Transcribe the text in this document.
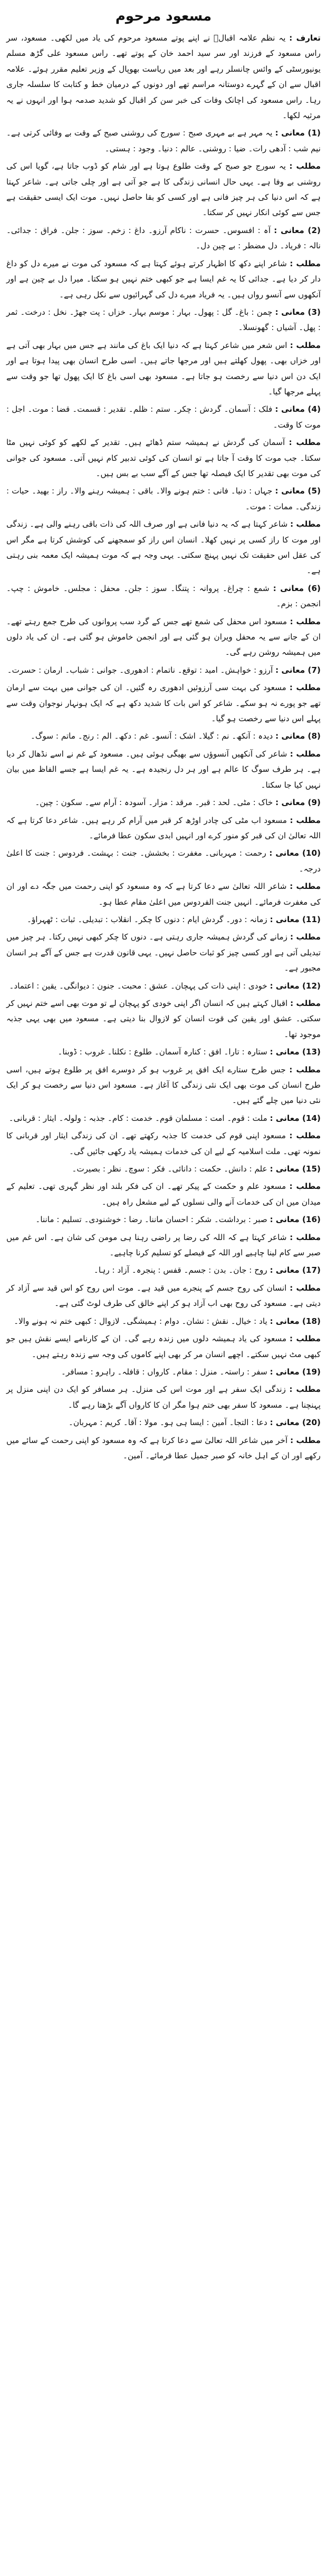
مسعود مرحوم
تعارف : یہ نظم علامہ اقبالؒ نے اپنے پوتے مسعود مرحوم کی یاد میں لکھی۔ مسعود، سر راس مسعود کے فرزند اور سر سید احمد خان کے پوتے تھے۔ راس مسعود علی گڑھ مسلم یونیورسٹی کے وائس چانسلر رہے اور بعد میں ریاست بھوپال کے وزیر تعلیم مقرر ہوئے۔ علامہ اقبال سے ان کے گہرے دوستانہ مراسم تھے اور دونوں کے درمیان خط و کتابت کا سلسلہ جاری رہا۔ راس مسعود کی اچانک وفات کی خبر سن کر اقبال کو شدید صدمہ ہوا اور انہوں نے یہ مرثیہ لکھا۔
(1) معانی : یہ مہر ہے بے مہری صبح : سورج کی روشنی صبح کے وقت بے وفائی کرتی ہے۔ نیم شب : آدھی رات۔ ضیا : روشنی۔ عالم : دنیا۔ وجود : ہستی۔
مطلب : یہ سورج جو صبح کے وقت طلوع ہوتا ہے اور شام کو ڈوب جاتا ہے، گویا اس کی روشنی بے وفا ہے۔ یہی حال انسانی زندگی کا ہے جو آتی ہے اور چلی جاتی ہے۔ شاعر کہتا ہے کہ اس دنیا کی ہر چیز فانی ہے اور کسی کو بقا حاصل نہیں۔ موت ایک ایسی حقیقت ہے جس سے کوئی انکار نہیں کر سکتا۔
(2) معانی : آہ : افسوس۔ حسرت : ناکام آرزو۔ داغ : زخم۔ سوز : جلن۔ فراق : جدائی۔ نالہ : فریاد۔ دل مضطر : بے چین دل۔
مطلب : شاعر اپنے دکھ کا اظہار کرتے ہوئے کہتا ہے کہ مسعود کی موت نے میرے دل کو داغ دار کر دیا ہے۔ جدائی کا یہ غم ایسا ہے جو کبھی ختم نہیں ہو سکتا۔ میرا دل بے چین ہے اور آنکھوں سے آنسو رواں ہیں۔ یہ فریاد میرے دل کی گہرائیوں سے نکل رہی ہے۔
(3) معانی : چمن : باغ۔ گل : پھول۔ بہار : موسم بہار۔ خزاں : پت جھڑ۔ نخل : درخت۔ ثمر : پھل۔ آشیاں : گھونسلا۔
مطلب : اس شعر میں شاعر کہتا ہے کہ دنیا ایک باغ کی مانند ہے جس میں بہار بھی آتی ہے اور خزاں بھی۔ پھول کھلتے ہیں اور مرجھا جاتے ہیں۔ اسی طرح انسان بھی پیدا ہوتا ہے اور ایک دن اس دنیا سے رخصت ہو جاتا ہے۔ مسعود بھی اسی باغ کا ایک پھول تھا جو وقت سے پہلے مرجھا گیا۔
(4) معانی : فلک : آسمان۔ گردش : چکر۔ ستم : ظلم۔ تقدیر : قسمت۔ قضا : موت۔ اجل : موت کا وقت۔
مطلب : آسمان کی گردش نے ہمیشہ ستم ڈھائے ہیں۔ تقدیر کے لکھے کو کوئی نہیں مٹا سکتا۔ جب موت کا وقت آ جاتا ہے تو انسان کی کوئی تدبیر کام نہیں آتی۔ مسعود کی جوانی کی موت بھی تقدیر کا ایک فیصلہ تھا جس کے آگے سب بے بس ہیں۔
(5) معانی : جہاں : دنیا۔ فانی : ختم ہونے والا۔ باقی : ہمیشہ رہنے والا۔ راز : بھید۔ حیات : زندگی۔ ممات : موت۔
مطلب : شاعر کہتا ہے کہ یہ دنیا فانی ہے اور صرف اللہ کی ذات باقی رہنے والی ہے۔ زندگی اور موت کا راز کسی پر نہیں کھلا۔ انسان اس راز کو سمجھنے کی کوشش کرتا ہے مگر اس کی عقل اس حقیقت تک نہیں پہنچ سکتی۔ یہی وجہ ہے کہ موت ہمیشہ ایک معمہ بنی رہتی ہے۔
(6) معانی : شمع : چراغ۔ پروانہ : پتنگا۔ سوز : جلن۔ محفل : مجلس۔ خاموش : چپ۔ انجمن : بزم۔
مطلب : مسعود اس محفل کی شمع تھے جس کے گرد سب پروانوں کی طرح جمع رہتے تھے۔ ان کے جانے سے یہ محفل ویران ہو گئی ہے اور انجمن خاموش ہو گئی ہے۔ ان کی یاد دلوں میں ہمیشہ روشن رہے گی۔
(7) معانی : آرزو : خواہش۔ امید : توقع۔ ناتمام : ادھوری۔ جوانی : شباب۔ ارمان : حسرت۔
مطلب : مسعود کی بہت سی آرزوئیں ادھوری رہ گئیں۔ ان کی جوانی میں بہت سے ارمان تھے جو پورے نہ ہو سکے۔ شاعر کو اس بات کا شدید دکھ ہے کہ ایک ہونہار نوجوان وقت سے پہلے اس دنیا سے رخصت ہو گیا۔
(8) معانی : دیدہ : آنکھ۔ نم : گیلا۔ اشک : آنسو۔ غم : دکھ۔ الم : رنج۔ ماتم : سوگ۔
مطلب : شاعر کی آنکھیں آنسوؤں سے بھیگی ہوئی ہیں۔ مسعود کے غم نے اسے نڈھال کر دیا ہے۔ ہر طرف سوگ کا عالم ہے اور ہر دل رنجیدہ ہے۔ یہ غم ایسا ہے جسے الفاظ میں بیان نہیں کیا جا سکتا۔
(9) معانی : خاک : مٹی۔ لحد : قبر۔ مرقد : مزار۔ آسودہ : آرام سے۔ سکون : چین۔
مطلب : مسعود اب مٹی کی چادر اوڑھ کر قبر میں آرام کر رہے ہیں۔ شاعر دعا کرتا ہے کہ اللہ تعالیٰ ان کی قبر کو منور کرے اور انہیں ابدی سکون عطا فرمائے۔
(10) معانی : رحمت : مہربانی۔ مغفرت : بخشش۔ جنت : بہشت۔ فردوس : جنت کا اعلیٰ درجہ۔
مطلب : شاعر اللہ تعالیٰ سے دعا کرتا ہے کہ وہ مسعود کو اپنی رحمت میں جگہ دے اور ان کی مغفرت فرمائے۔ انہیں جنت الفردوس میں اعلیٰ مقام عطا ہو۔
(11) معانی : زمانہ : دور۔ گردش ایام : دنوں کا چکر۔ انقلاب : تبدیلی۔ ثبات : ٹھہراؤ۔
مطلب : زمانے کی گردش ہمیشہ جاری رہتی ہے۔ دنوں کا چکر کبھی نہیں رکتا۔ ہر چیز میں تبدیلی آتی ہے اور کسی چیز کو ثبات حاصل نہیں۔ یہی قانون قدرت ہے جس کے آگے ہر انسان مجبور ہے۔
(12) معانی : خودی : اپنی ذات کی پہچان۔ عشق : محبت۔ جنون : دیوانگی۔ یقین : اعتماد۔
مطلب : اقبال کہتے ہیں کہ انسان اگر اپنی خودی کو پہچان لے تو موت بھی اسے ختم نہیں کر سکتی۔ عشق اور یقین کی قوت انسان کو لازوال بنا دیتی ہے۔ مسعود میں بھی یہی جذبہ موجود تھا۔
(13) معانی : ستارہ : تارا۔ افق : کنارہ آسمان۔ طلوع : نکلنا۔ غروب : ڈوبنا۔
مطلب : جس طرح ستارے ایک افق پر غروب ہو کر دوسرے افق پر طلوع ہوتے ہیں، اسی طرح انسان کی موت بھی ایک نئی زندگی کا آغاز ہے۔ مسعود اس دنیا سے رخصت ہو کر ایک نئی دنیا میں چلے گئے ہیں۔
(14) معانی : ملت : قوم۔ امت : مسلمان قوم۔ خدمت : کام۔ جذبہ : ولولہ۔ ایثار : قربانی۔
مطلب : مسعود اپنی قوم کی خدمت کا جذبہ رکھتے تھے۔ ان کی زندگی ایثار اور قربانی کا نمونہ تھی۔ ملت اسلامیہ کے لیے ان کی خدمات ہمیشہ یاد رکھی جائیں گی۔
(15) معانی : علم : دانش۔ حکمت : دانائی۔ فکر : سوچ۔ نظر : بصیرت۔
مطلب : مسعود علم و حکمت کے پیکر تھے۔ ان کی فکر بلند اور نظر گہری تھی۔ تعلیم کے میدان میں ان کی خدمات آنے والی نسلوں کے لیے مشعل راہ ہیں۔
(16) معانی : صبر : برداشت۔ شکر : احسان ماننا۔ رضا : خوشنودی۔ تسلیم : ماننا۔
مطلب : شاعر کہتا ہے کہ اللہ کی رضا پر راضی رہنا ہی مومن کی شان ہے۔ اس غم میں صبر سے کام لینا چاہیے اور اللہ کے فیصلے کو تسلیم کرنا چاہیے۔
(17) معانی : روح : جان۔ بدن : جسم۔ قفس : پنجرہ۔ آزاد : رہا۔
مطلب : انسان کی روح جسم کے پنجرے میں قید ہے۔ موت اس روح کو اس قید سے آزاد کر دیتی ہے۔ مسعود کی روح بھی اب آزاد ہو کر اپنے خالق کی طرف لوٹ گئی ہے۔
(18) معانی : یاد : خیال۔ نقش : نشان۔ دوام : ہمیشگی۔ لازوال : کبھی ختم نہ ہونے والا۔
مطلب : مسعود کی یاد ہمیشہ دلوں میں زندہ رہے گی۔ ان کے کارنامے ایسے نقش ہیں جو کبھی مٹ نہیں سکتے۔ اچھے انسان مر کر بھی اپنے کاموں کی وجہ سے زندہ رہتے ہیں۔
(19) معانی : سفر : راستہ۔ منزل : مقام۔ کارواں : قافلہ۔ راہرو : مسافر۔
مطلب : زندگی ایک سفر ہے اور موت اس کی منزل۔ ہر مسافر کو ایک دن اپنی منزل پر پہنچنا ہے۔ مسعود کا سفر بھی ختم ہوا مگر ان کا کارواں آگے بڑھتا رہے گا۔
(20) معانی : دعا : التجا۔ آمین : ایسا ہی ہو۔ مولا : آقا۔ کریم : مہربان۔
مطلب : آخر میں شاعر اللہ تعالیٰ سے دعا کرتا ہے کہ وہ مسعود کو اپنی رحمت کے سائے میں رکھے اور ان کے اہل خانہ کو صبر جمیل عطا فرمائے۔ آمین۔
